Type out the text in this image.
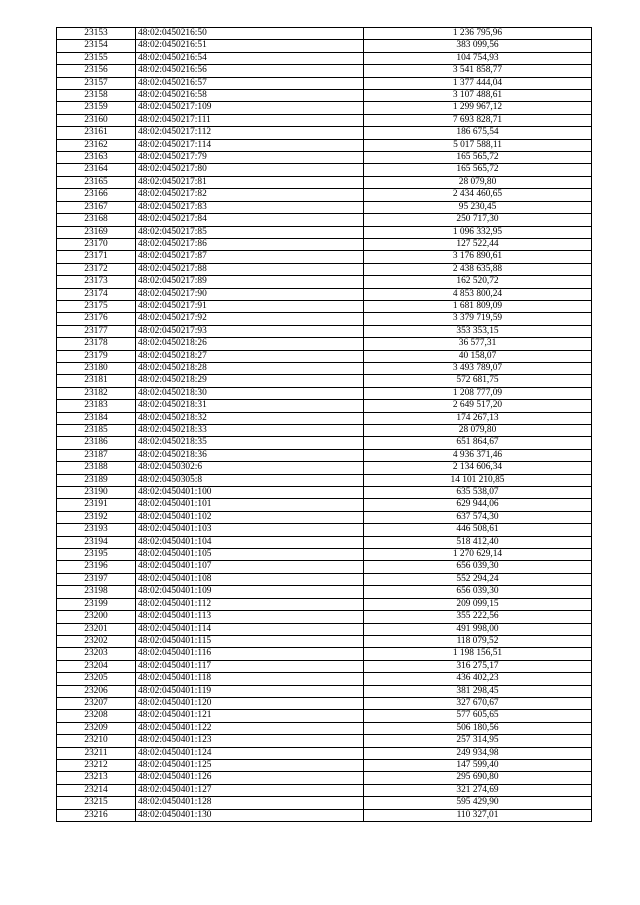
23153	48:02:0450216:50	1 236 795,96
23154	48:02:0450216:51	383 099,56
23155	48:02:0450216:54	104 754,93
23156	48:02:0450216:56	3 541 858,77
23157	48:02:0450216:57	1 377 444,04
23158	48:02:0450216:58	3 107 488,61
23159	48:02:0450217:109	1 299 967,12
23160	48:02:0450217:111	7 693 828,71
23161	48:02:0450217:112	186 675,54
23162	48:02:0450217:114	5 017 588,11
23163	48:02:0450217:79	165 565,72
23164	48:02:0450217:80	165 565,72
23165	48:02:0450217:81	28 079,80
23166	48:02:0450217:82	2 434 460,65
23167	48:02:0450217:83	95 230,45
23168	48:02:0450217:84	250 717,30
23169	48:02:0450217:85	1 096 332,95
23170	48:02:0450217:86	127 522,44
23171	48:02:0450217:87	3 176 890,61
23172	48:02:0450217:88	2 438 635,88
23173	48:02:0450217:89	162 520,72
23174	48:02:0450217:90	4 853 800,24
23175	48:02:0450217:91	1 681 809,09
23176	48:02:0450217:92	3 379 719,59
23177	48:02:0450217:93	353 353,15
23178	48:02:0450218:26	36 577,31
23179	48:02:0450218:27	40 158,07
23180	48:02:0450218:28	3 493 789,07
23181	48:02:0450218:29	572 681,75
23182	48:02:0450218:30	1 208 777,09
23183	48:02:0450218:31	2 649 517,20
23184	48:02:0450218:32	174 267,13
23185	48:02:0450218:33	28 079,80
23186	48:02:0450218:35	651 864,67
23187	48:02:0450218:36	4 936 371,46
23188	48:02:0450302:6	2 134 606,34
23189	48:02:0450305:8	14 101 210,85
23190	48:02:0450401:100	635 538,07
23191	48:02:0450401:101	629 944,06
23192	48:02:0450401:102	637 574,30
23193	48:02:0450401:103	446 508,61
23194	48:02:0450401:104	518 412,40
23195	48:02:0450401:105	1 270 629,14
23196	48:02:0450401:107	656 039,30
23197	48:02:0450401:108	552 294,24
23198	48:02:0450401:109	656 039,30
23199	48:02:0450401:112	209 099,15
23200	48:02:0450401:113	355 222,56
23201	48:02:0450401:114	491 998,00
23202	48:02:0450401:115	118 079,52
23203	48:02:0450401:116	1 198 156,51
23204	48:02:0450401:117	316 275,17
23205	48:02:0450401:118	436 402,23
23206	48:02:0450401:119	381 298,45
23207	48:02:0450401:120	327 670,67
23208	48:02:0450401:121	577 605,65
23209	48:02:0450401:122	506 180,56
23210	48:02:0450401:123	257 314,95
23211	48:02:0450401:124	249 934,98
23212	48:02:0450401:125	147 599,40
23213	48:02:0450401:126	295 690,80
23214	48:02:0450401:127	321 274,69
23215	48:02:0450401:128	595 429,90
23216	48:02:0450401:130	110 327,01
